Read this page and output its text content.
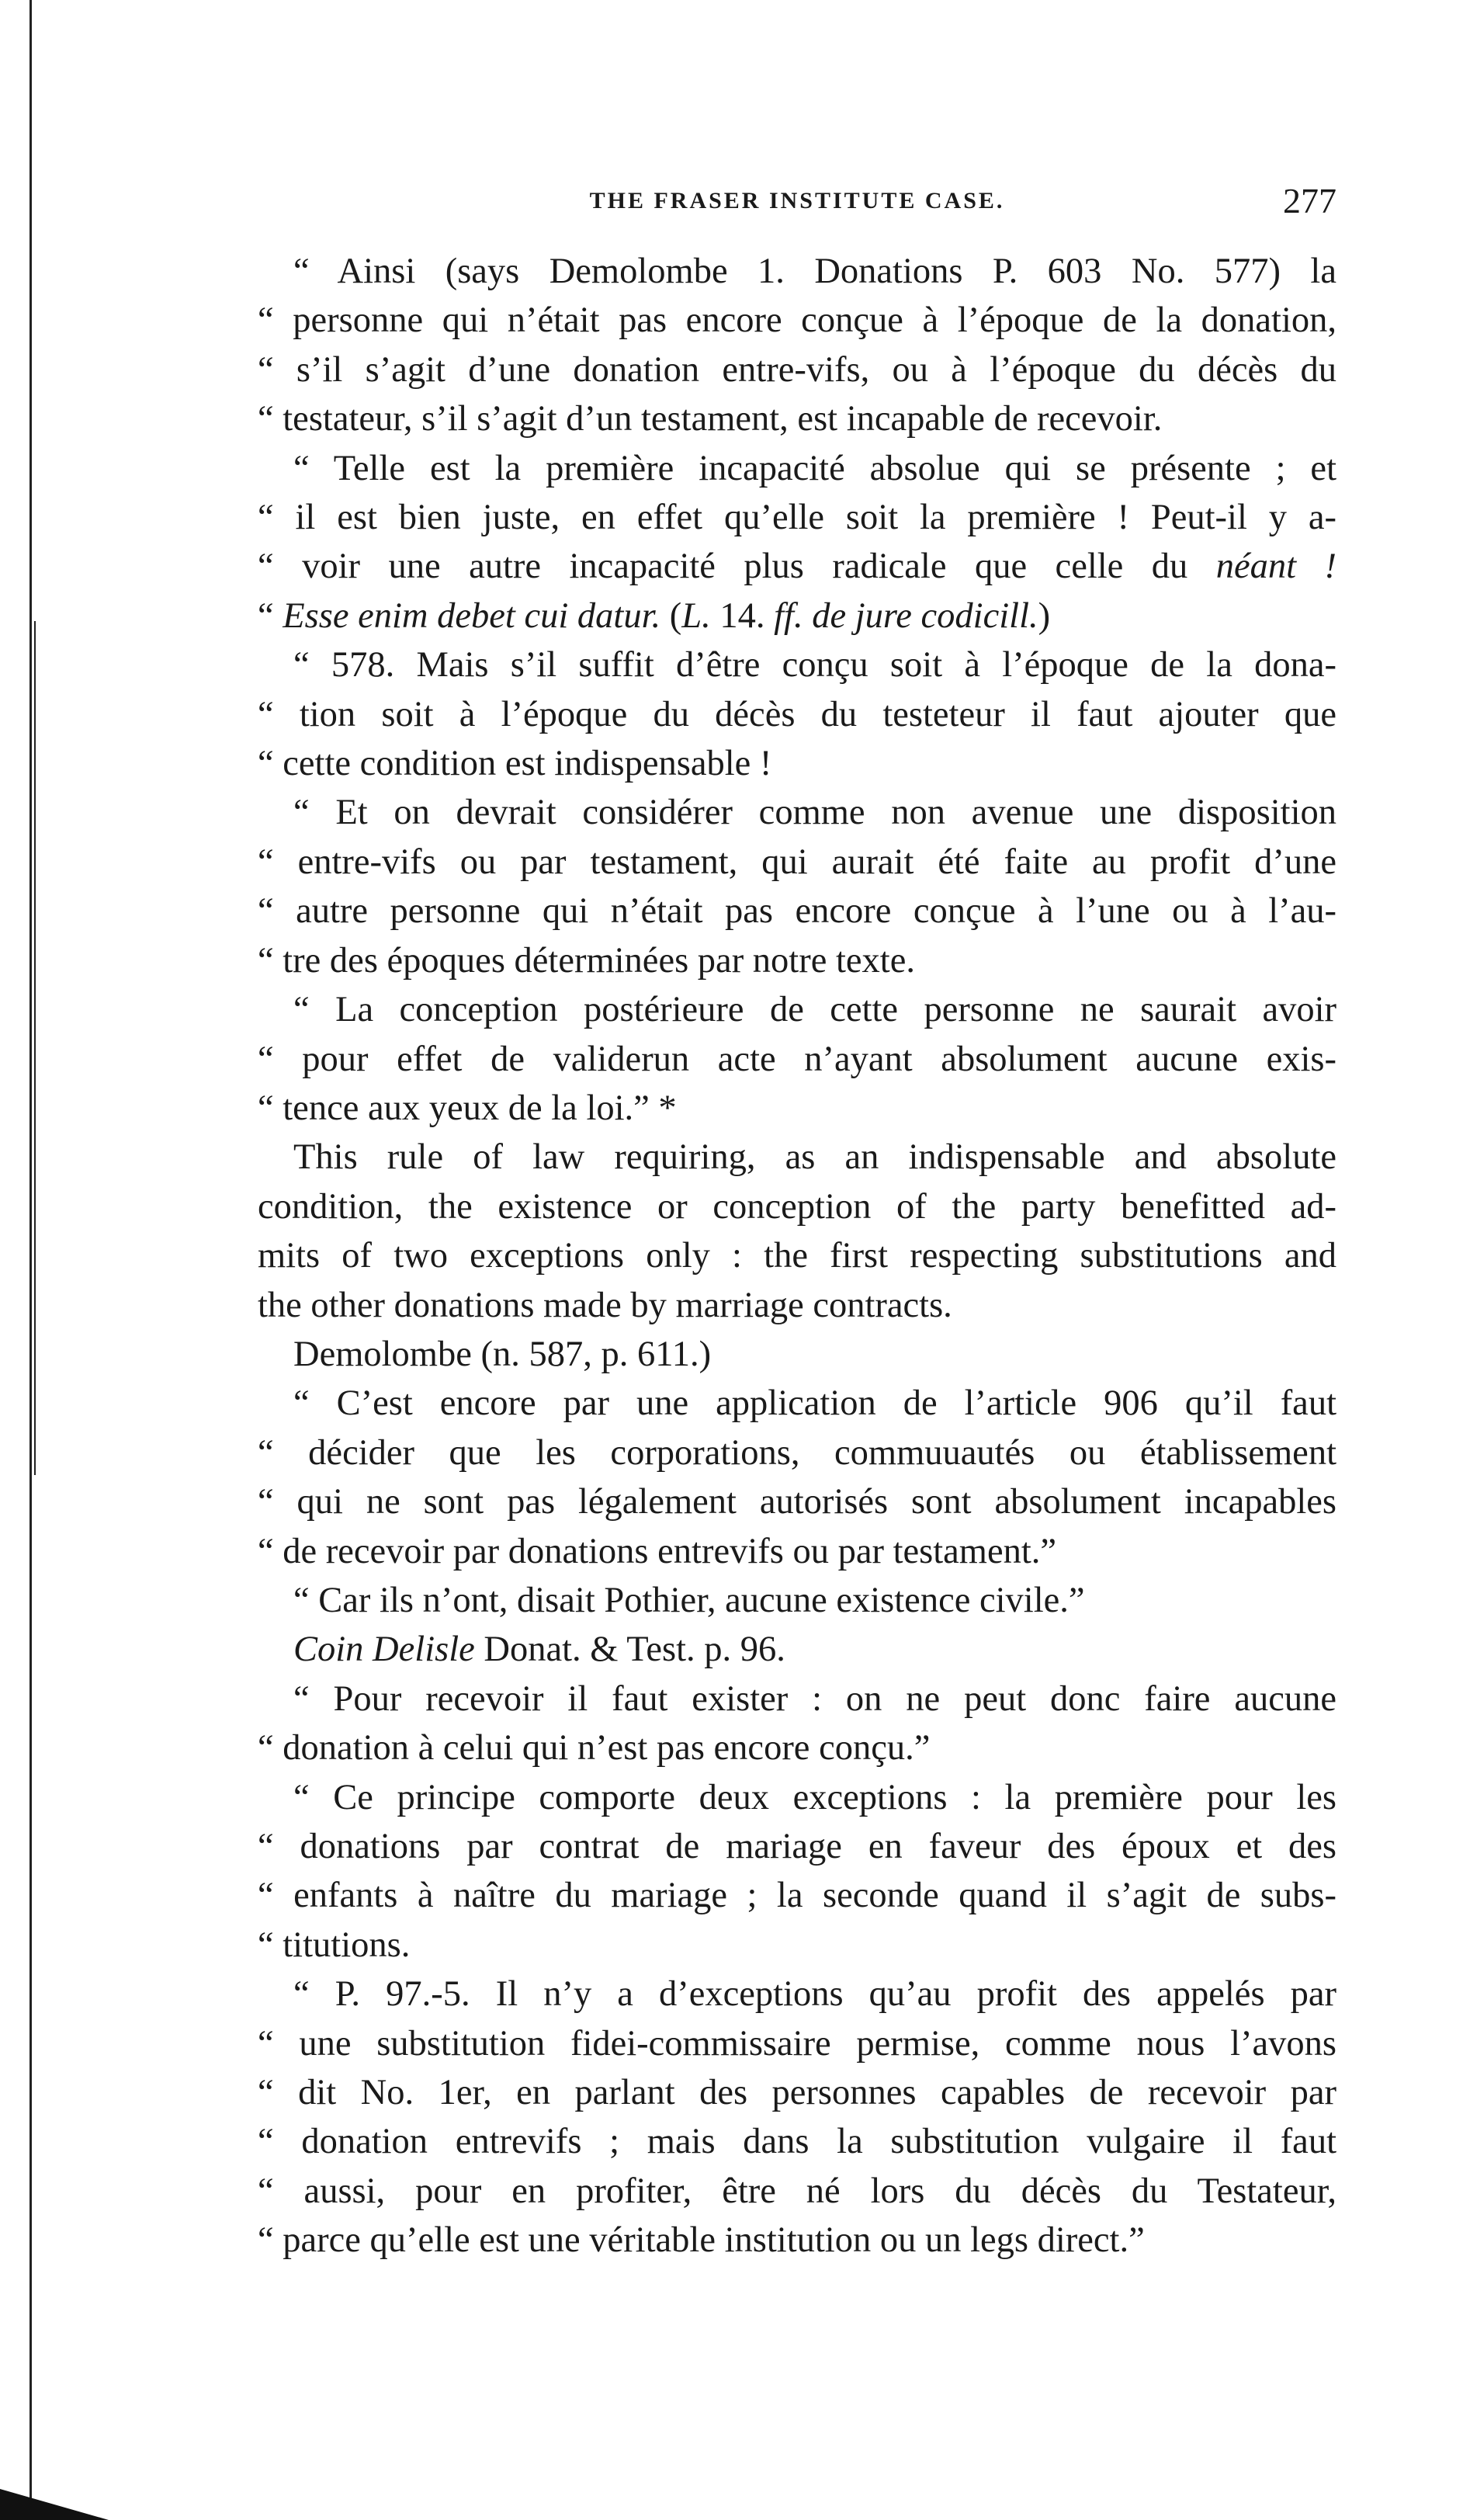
THE FRASER INSTITUTE CASE.	277
“ Ainsi (says Demolombe 1. Donations P. 603 No. 577) la
“ personne qui n’était pas encore conçue à l’époque de la donation,
“ s’il s’agit d’une donation entre-vifs, ou à l’époque du décès du
“ testateur, s’il s’agit d’un testament, est incapable de recevoir.
“ Telle est la première incapacité absolue qui se présente ; et
“ il est bien juste, en effet qu’elle soit la première ! Peut-il y a-
“ voir une autre incapacité plus radicale que celle du néant !
“ Esse enim debet cui datur. (L. 14. ff. de jure codicill.)
“ 578. Mais s’il suffit d’être conçu soit à l’époque de la dona-
“ tion soit à l’époque du décès du testeteur il faut ajouter que
“ cette condition est indispensable !
“ Et on devrait considérer comme non avenue une disposition
“ entre-vifs ou par testament, qui aurait été faite au profit d’une
“ autre personne qui n’était pas encore conçue à l’une ou à l’au-
“ tre des époques déterminées par notre texte.
“ La conception postérieure de cette personne ne saurait avoir
“ pour effet de validerun acte n’ayant absolument aucune exis-
“ tence aux yeux de la loi.” *
This rule of law requiring, as an indispensable and absolute
condition, the existence or conception of the party benefitted ad-
mits of two exceptions only : the first respecting substitutions and
the other donations made by marriage contracts.
Demolombe (n. 587, p. 611.)
“ C’est encore par une application de l’article 906 qu’il faut
“ décider que les corporations, commuuautés ou établissement
“ qui ne sont pas légalement autorisés sont absolument incapables
“ de recevoir par donations entrevifs ou par testament.”
“ Car ils n’ont, disait Pothier, aucune existence civile.”
Coin Delisle Donat. & Test. p. 96.
“ Pour recevoir il faut exister : on ne peut donc faire aucune
“ donation à celui qui n’est pas encore conçu.”
“ Ce principe comporte deux exceptions : la première pour les
“ donations par contrat de mariage en faveur des époux et des
“ enfants à naître du mariage ; la seconde quand il s’agit de subs-
“ titutions.
“ P. 97.-5. Il n’y a d’exceptions qu’au profit des appelés par
“ une substitution fidei-commissaire permise, comme nous l’avons
“ dit No. 1er, en parlant des personnes capables de recevoir par
“ donation entrevifs ; mais dans la substitution vulgaire il faut
“ aussi, pour en profiter, être né lors du décès du Testateur,
“ parce qu’elle est une véritable institution ou un legs direct.”
